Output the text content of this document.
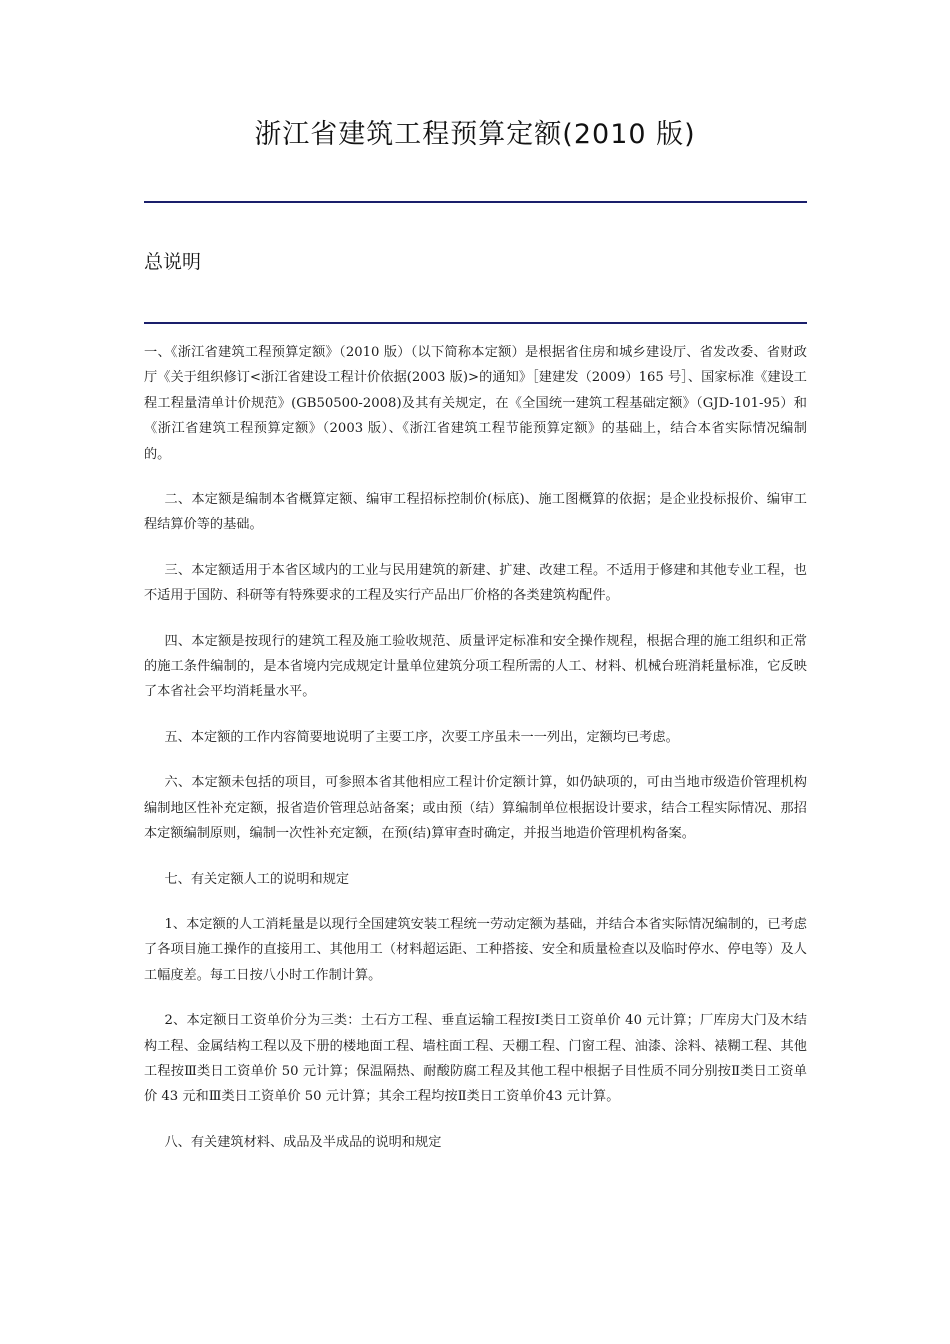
浙江省建筑工程预算定额(2010 版)
总说明

一、《浙江省建筑工程预算定额》（2010 版）（以下简称本定额）是根据省住房和城乡建设厅、省发改委、省财政厅《关于组织修订<浙江省建设工程计价依据(2003 版)>的通知》［建建发（2009）165 号］、国家标准《建设工程工程量清单计价规范》(GB50500-2008)及其有关规定，在《全国统一建筑工程基础定额》（GJD-101-95）和《浙江省建筑工程预算定额》（2003 版）、《浙江省建筑工程节能预算定额》的基础上，结合本省实际情况编制的。

二、本定额是编制本省概算定额、编审工程招标控制价(标底)、施工图概算的依据；是企业投标报价、编审工程结算价等的基础。

三、本定额适用于本省区域内的工业与民用建筑的新建、扩建、改建工程。不适用于修建和其他专业工程，也不适用于国防、科研等有特殊要求的工程及实行产品出厂价格的各类建筑构配件。

四、本定额是按现行的建筑工程及施工验收规范、质量评定标准和安全操作规程，根据合理的施工组织和正常的施工条件编制的，是本省境内完成规定计量单位建筑分项工程所需的人工、材料、机械台班消耗量标准，它反映了本省社会平均消耗量水平。

五、本定额的工作内容简要地说明了主要工序，次要工序虽未一一列出，定额均已考虑。

六、本定额未包括的项目，可参照本省其他相应工程计价定额计算，如仍缺项的，可由当地市级造价管理机构编制地区性补充定额，报省造价管理总站备案；或由预（结）算编制单位根据设计要求，结合工程实际情况、那招本定额编制原则，编制一次性补充定额，在预(结)算审查时确定，并报当地造价管理机构备案。

七、有关定额人工的说明和规定

1、本定额的人工消耗量是以现行全国建筑安装工程统一劳动定额为基础，并结合本省实际情况编制的，已考虑了各项目施工操作的直接用工、其他用工（材料超运距、工种搭接、安全和质量检查以及临时停水、停电等）及人工幅度差。每工日按八小时工作制计算。

2、本定额日工资单价分为三类：土石方工程、垂直运输工程按Ⅰ类日工资单价 40 元计算；厂库房大门及木结构工程、金属结构工程以及下册的楼地面工程、墙柱面工程、天棚工程、门窗工程、油漆、涂料、裱糊工程、其他工程按Ⅲ类日工资单价 50 元计算；保温隔热、耐酸防腐工程及其他工程中根据子目性质不同分别按Ⅱ类日工资单价 43 元和Ⅲ类日工资单价 50 元计算；其余工程均按Ⅱ类日工资单价43 元计算。

八、有关建筑材料、成品及半成品的说明和规定
